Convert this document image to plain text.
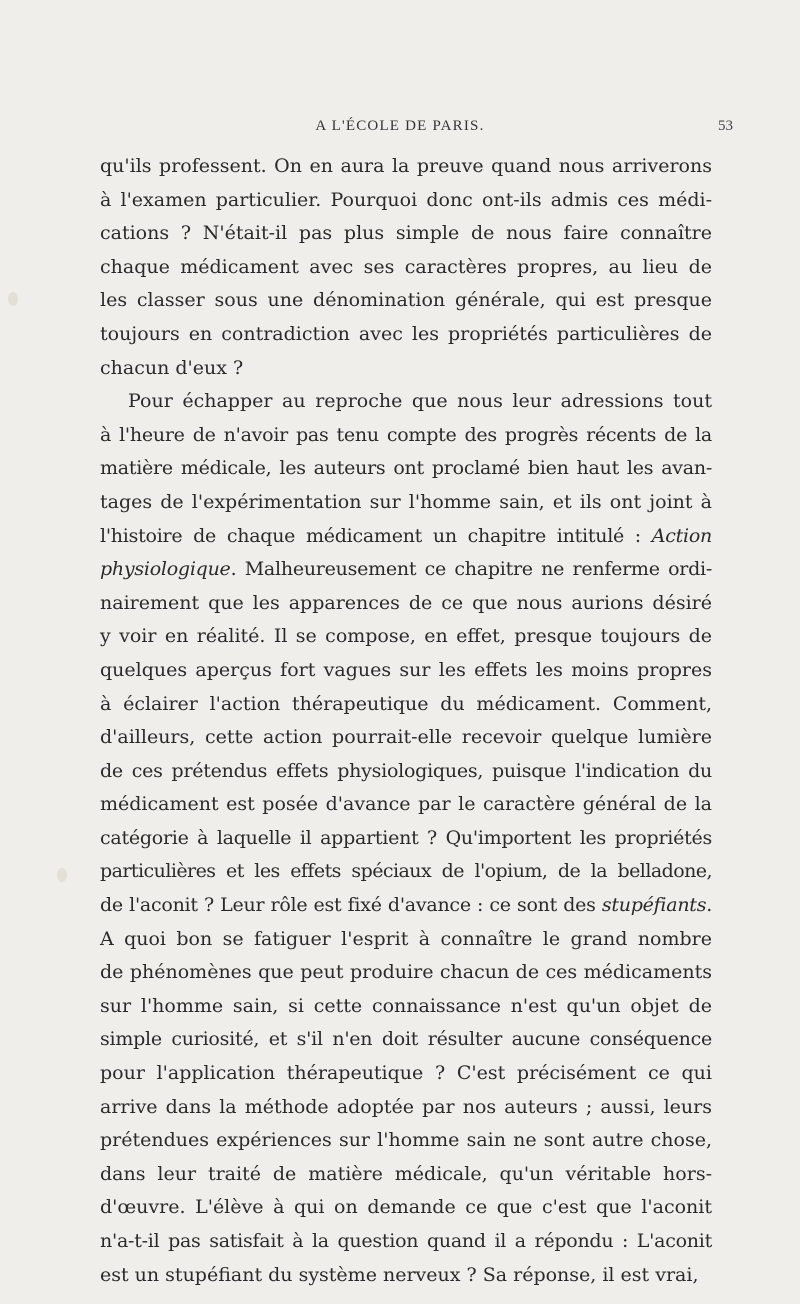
A L'ÉCOLE DE PARIS.	53
qu'ils professent. On en aura la preuve quand nous arriverons
à l'examen particulier. Pourquoi donc ont-ils admis ces médi-
cations ? N'était-il pas plus simple de nous faire connaître
chaque médicament avec ses caractères propres, au lieu de
les classer sous une dénomination générale, qui est presque
toujours en contradiction avec les propriétés particulières de
chacun d'eux ?
Pour échapper au reproche que nous leur adressions tout
à l'heure de n'avoir pas tenu compte des progrès récents de la
matière médicale, les auteurs ont proclamé bien haut les avan-
tages de l'expérimentation sur l'homme sain, et ils ont joint à
l'histoire de chaque médicament un chapitre intitulé : Action
physiologique. Malheureusement ce chapitre ne renferme ordi-
nairement que les apparences de ce que nous aurions désiré
y voir en réalité. Il se compose, en effet, presque toujours de
quelques aperçus fort vagues sur les effets les moins propres
à éclairer l'action thérapeutique du médicament. Comment,
d'ailleurs, cette action pourrait-elle recevoir quelque lumière
de ces prétendus effets physiologiques, puisque l'indication du
médicament est posée d'avance par le caractère général de la
catégorie à laquelle il appartient ? Qu'importent les propriétés
particulières et les effets spéciaux de l'opium, de la belladone,
de l'aconit ? Leur rôle est fixé d'avance : ce sont des stupéfiants.
A quoi bon se fatiguer l'esprit à connaître le grand nombre
de phénomènes que peut produire chacun de ces médicaments
sur l'homme sain, si cette connaissance n'est qu'un objet de
simple curiosité, et s'il n'en doit résulter aucune conséquence
pour l'application thérapeutique ? C'est précisément ce qui
arrive dans la méthode adoptée par nos auteurs ; aussi, leurs
prétendues expériences sur l'homme sain ne sont autre chose,
dans leur traité de matière médicale, qu'un véritable hors-
d'œuvre. L'élève à qui on demande ce que c'est que l'aconit
n'a-t-il pas satisfait à la question quand il a répondu : L'aconit
est un stupéfiant du système nerveux ? Sa réponse, il est vrai,
